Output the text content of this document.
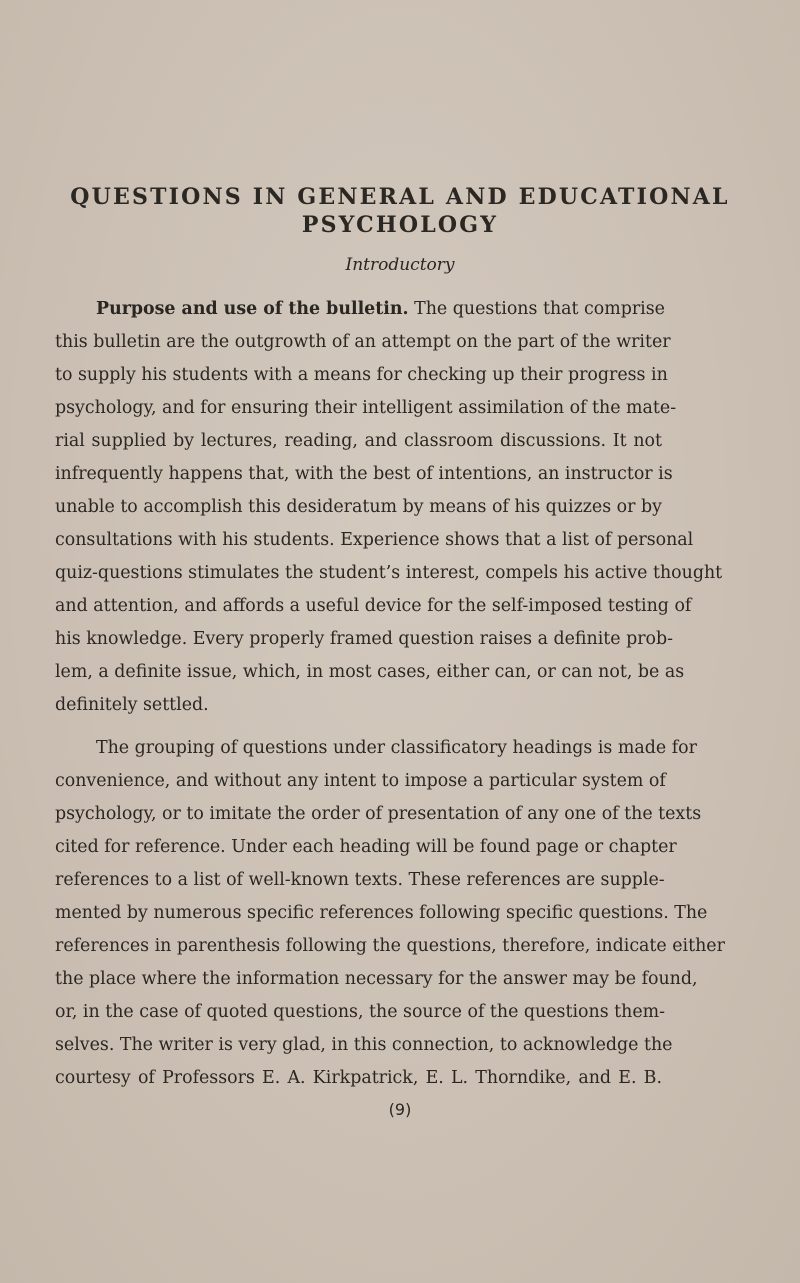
QUESTIONS IN GENERAL AND EDUCATIONAL
PSYCHOLOGY

Introductory

Purpose and use of the bulletin. The questions that comprise

this bulletin are the outgrowth of an attempt on the part of the writer

to supply his students with a means for checking up their progress in

psychology, and for ensuring their intelligent assimilation of the mate-

rial supplied by lectures, reading, and classroom discussions. It not

infrequently happens that, with the best of intentions, an instructor is

unable to accomplish this desideratum by means of his quizzes or by

consultations with his students. Experience shows that a list of personal

quiz-questions stimulates the student’s interest, compels his active thought

and attention, and affords a useful device for the self-imposed testing of

his knowledge. Every properly framed question raises a definite prob-

lem, a definite issue, which, in most cases, either can, or can not, be as

definitely settled.

The grouping of questions under classificatory headings is made for

convenience, and without any intent to impose a particular system of

psychology, or to imitate the order of presentation of any one of the texts

cited for reference. Under each heading will be found page or chapter

references to a list of well-known texts. These references are supple-

mented by numerous specific references following specific questions. The

references in parenthesis following the questions, therefore, indicate either

the place where the information necessary for the answer may be found,

or, in the case of quoted questions, the source of the questions them-

selves. The writer is very glad, in this connection, to acknowledge the

courtesy of Professors E. A. Kirkpatrick, E. L. Thorndike, and E. B.

(9)
